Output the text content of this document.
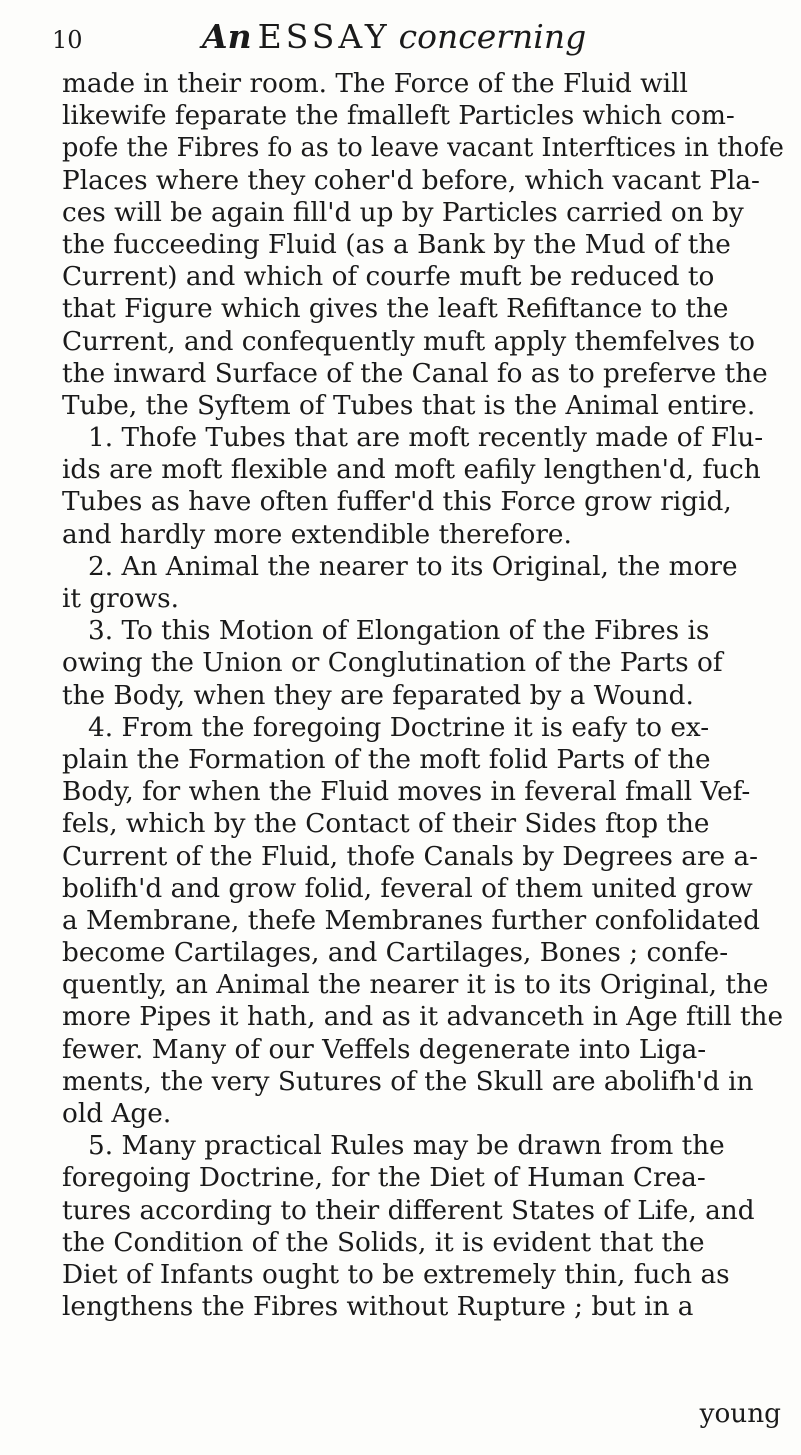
10	An ESSAY concerning
made in their room. The Force of the Fluid will
likewife feparate the fmalleft Particles which com-
pofe the Fibres fo as to leave vacant Interftices in thofe
Places where they coher'd before, which vacant Pla-
ces will be again fill'd up by Particles carried on by
the fucceeding Fluid (as a Bank by the Mud of the
Current) and which of courfe muft be reduced to
that Figure which gives the leaft Refiftance to the
Current, and confequently muft apply themfelves to
the inward Surface of the Canal fo as to preferve the
Tube, the Syftem of Tubes that is the Animal entire.
1. Thofe Tubes that are moft recently made of Flu-
ids are moft flexible and moft eafily lengthen'd, fuch
Tubes as have often fuffer'd this Force grow rigid,
and hardly more extendible therefore.
2. An Animal the nearer to its Original, the more
it grows.
3. To this Motion of Elongation of the Fibres is
owing the Union or Conglutination of the Parts of
the Body, when they are feparated by a Wound.
4. From the foregoing Doctrine it is eafy to ex-
plain the Formation of the moft folid Parts of the
Body, for when the Fluid moves in feveral fmall Vef-
fels, which by the Contact of their Sides ftop the
Current of the Fluid, thofe Canals by Degrees are a-
bolifh'd and grow folid, feveral of them united grow
a Membrane, thefe Membranes further confolidated
become Cartilages, and Cartilages, Bones ; confe-
quently, an Animal the nearer it is to its Original, the
more Pipes it hath, and as it advanceth in Age ftill the
fewer. Many of our Veffels degenerate into Liga-
ments, the very Sutures of the Skull are abolifh'd in
old Age.
5. Many practical Rules may be drawn from the
foregoing Doctrine, for the Diet of Human Crea-
tures according to their different States of Life, and
the Condition of the Solids, it is evident that the
Diet of Infants ought to be extremely thin, fuch as
lengthens the Fibres without Rupture ; but in a
young
